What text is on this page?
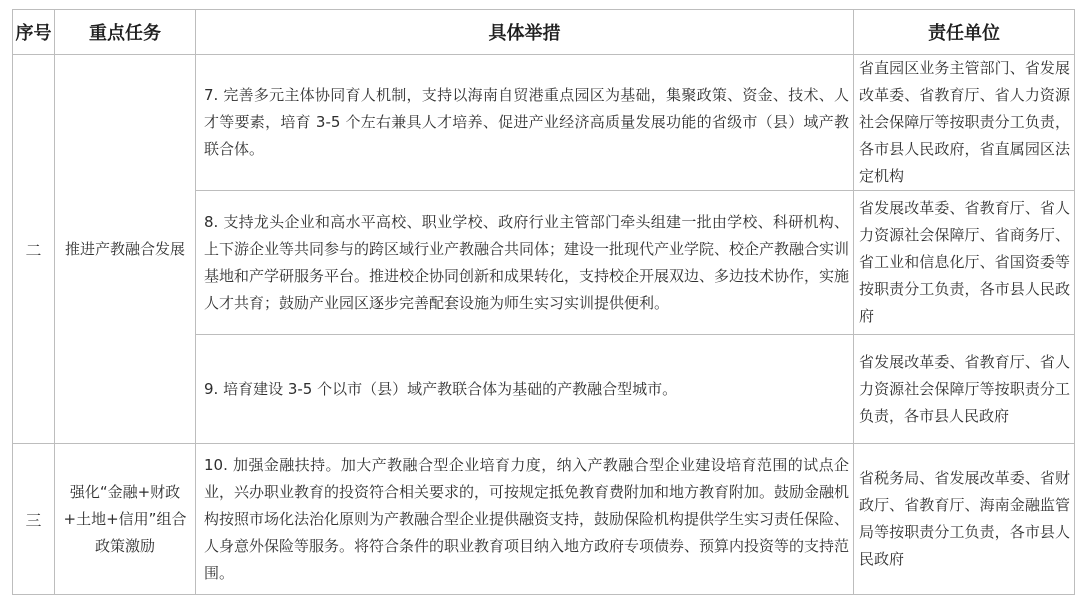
序号	重点任务	具体举措	责任单位
二	推进产教融合发展	7. 完善多元主体协同育人机制，支持以海南自贸港重点园区为基础，集聚政策、资金、技术、人才等要素，培育 3-5 个左右兼具人才培养、促进产业经济高质量发展功能的省级市（县）域产教联合体。	省直园区业务主管部门、省发展改革委、省教育厅、省人力资源社会保障厅等按职责分工负责，各市县人民政府，省直属园区法定机构
		8. 支持龙头企业和高水平高校、职业学校、政府行业主管部门牵头组建一批由学校、科研机构、上下游企业等共同参与的跨区域行业产教融合共同体；建设一批现代产业学院、校企产教融合实训基地和产学研服务平台。推进校企协同创新和成果转化，支持校企开展双边、多边技术协作，实施人才共育；鼓励产业园区逐步完善配套设施为师生实习实训提供便利。	省发展改革委、省教育厅、省人力资源社会保障厅、省商务厅、省工业和信息化厅、省国资委等按职责分工负责，各市县人民政府
		9. 培育建设 3-5 个以市（县）域产教联合体为基础的产教融合型城市。	省发展改革委、省教育厅、省人力资源社会保障厅等按职责分工负责，各市县人民政府
三	强化“金融+财政+土地+信用”组合政策激励	10. 加强金融扶持。加大产教融合型企业培育力度，纳入产教融合型企业建设培育范围的试点企业，兴办职业教育的投资符合相关要求的，可按规定抵免教育费附加和地方教育附加。鼓励金融机构按照市场化法治化原则为产教融合型企业提供融资支持，鼓励保险机构提供学生实习责任保险、人身意外保险等服务。将符合条件的职业教育项目纳入地方政府专项债券、预算内投资等的支持范围。	省税务局、省发展改革委、省财政厅、省教育厅、海南金融监管局等按职责分工负责，各市县人民政府
